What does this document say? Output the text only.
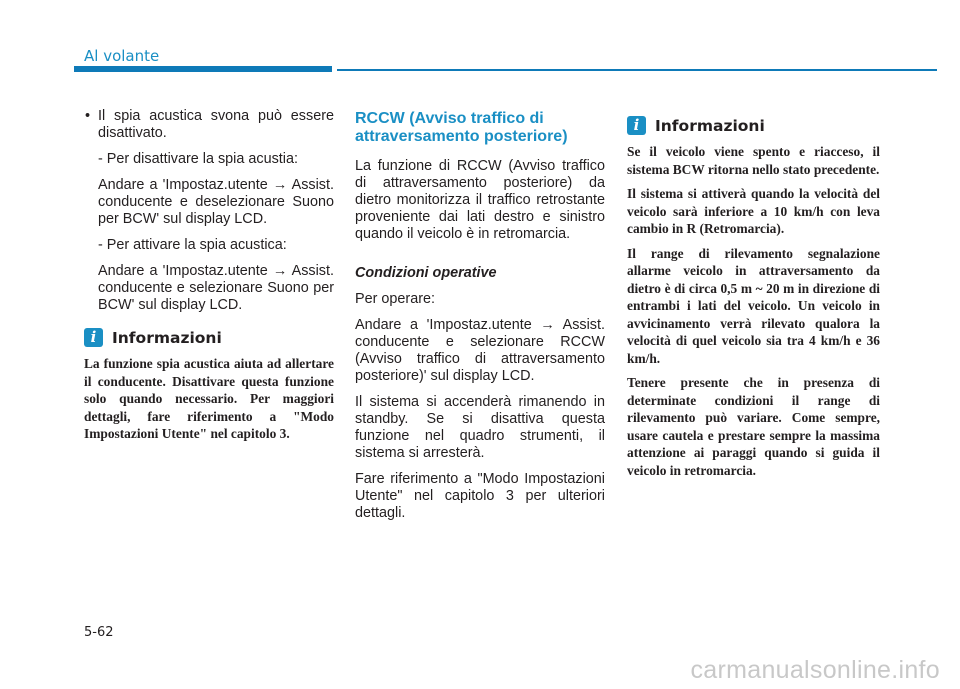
Al volante

• Il spia acustica svona può essere disattivato.

- Per disattivare la spia acustia:

Andare a 'Impostaz.utente → Assist. conducente e deselezionare Suono per BCW' sul display LCD.

- Per attivare la spia acustica:

Andare a 'Impostaz.utente → Assist. conducente e selezionare Suono per BCW' sul display LCD.

i	Informazioni

La funzione spia acustica aiuta ad allertare il conducente. Disattivare questa funzione solo quando necessario. Per maggiori dettagli, fare riferimento a "Modo Impostazioni Utente" nel capitolo 3.

RCCW (Avviso traffico di attraversamento posteriore)

La funzione di RCCW (Avviso traffico di attraversamento posteriore) da dietro monitorizza il traffico retrostante proveniente dai lati destro e sinistro quando il veicolo è in retromarcia.

Condizioni operative

Per operare:

Andare a 'Impostaz.utente → Assist. conducente e selezionare RCCW (Avviso traffico di attraversamento posteriore)' sul display LCD.

Il sistema si accenderà rimanendo in standby. Se si disattiva questa funzione nel quadro strumenti, il sistema si arresterà.

Fare riferimento a "Modo Impostazioni Utente" nel capitolo 3 per ulteriori dettagli.

i	Informazioni

Se il veicolo viene spento e riacceso, il sistema BCW ritorna nello stato precedente.

Il sistema si attiverà quando la velocità del veicolo sarà inferiore a 10 km/h con leva cambio in R (Retromarcia).

Il range di rilevamento segnalazione allarme veicolo in attraversamento da dietro è di circa 0,5 m ~ 20 m in direzione di entrambi i lati del veicolo. Un veicolo in avvicinamento verrà rilevato qualora la velocità di quel veicolo sia tra 4 km/h e 36 km/h.

Tenere presente che in presenza di determinate condizioni il range di rilevamento può variare. Come sempre, usare cautela e prestare sempre la massima attenzione ai paraggi quando si guida il veicolo in retromarcia.

5-62
carmanualsonline.info
